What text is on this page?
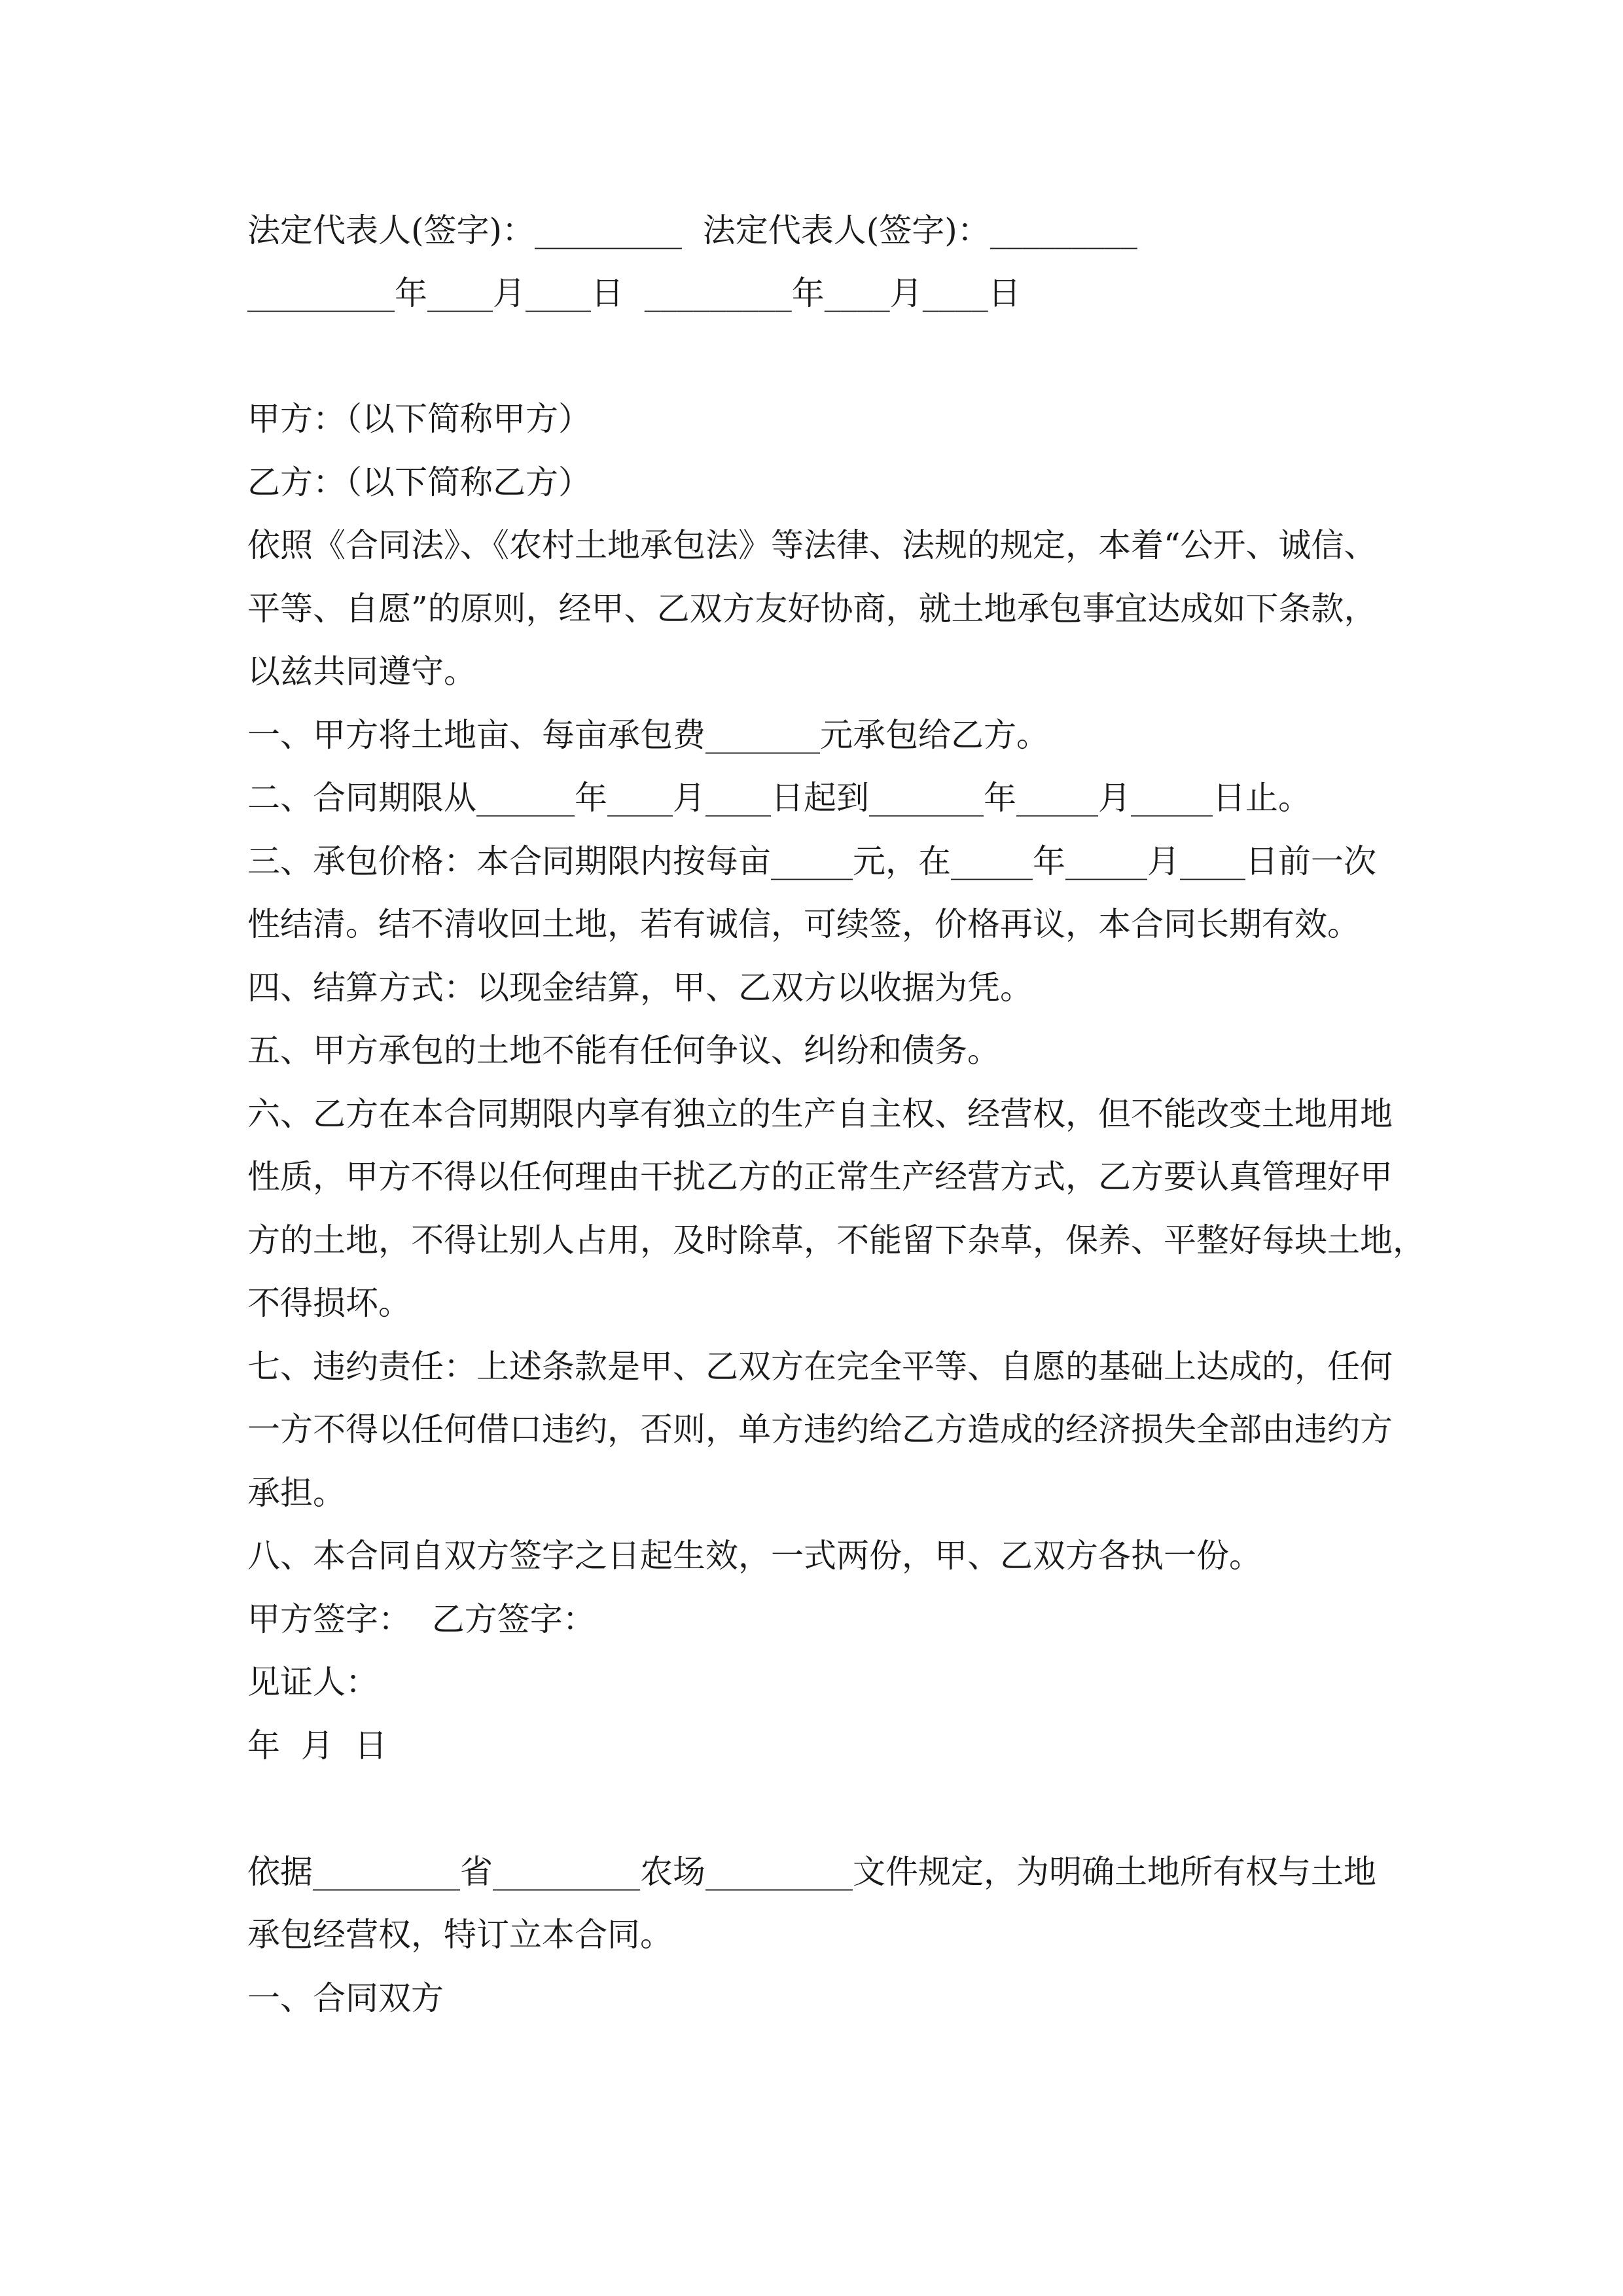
法定代表人(签字)：_________  法定代表人(签字)：_________
_________年____月____日  _________年____月____日
甲方：（以下简称甲方）
乙方：（以下简称乙方）
依照《合同法》、《农村土地承包法》等法律、法规的规定，本着“公开、诚信、
平等、自愿”的原则，经甲、乙双方友好协商，就土地承包事宜达成如下条款，
以兹共同遵守。
一、甲方将土地亩、每亩承包费_______元承包给乙方。
二、合同期限从______年____月____日起到_______年_____月_____日止。
三、承包价格：本合同期限内按每亩_____元，在_____年_____月____日前一次
性结清。结不清收回土地，若有诚信，可续签，价格再议，本合同长期有效。
四、结算方式：以现金结算，甲、乙双方以收据为凭。
五、甲方承包的土地不能有任何争议、纠纷和债务。
六、乙方在本合同期限内享有独立的生产自主权、经营权，但不能改变土地用地
性质，甲方不得以任何理由干扰乙方的正常生产经营方式，乙方要认真管理好甲
方的土地，不得让别人占用，及时除草，不能留下杂草，保养、平整好每块土地，
不得损坏。
七、违约责任：上述条款是甲、乙双方在完全平等、自愿的基础上达成的，任何
一方不得以任何借口违约，否则，单方违约给乙方造成的经济损失全部由违约方
承担。
八、本合同自双方签字之日起生效，一式两份，甲、乙双方各执一份。
甲方签字：  乙方签字：
见证人：
年  月  日
依据_________省_________农场_________文件规定，为明确土地所有权与土地
承包经营权，特订立本合同。
一、合同双方
